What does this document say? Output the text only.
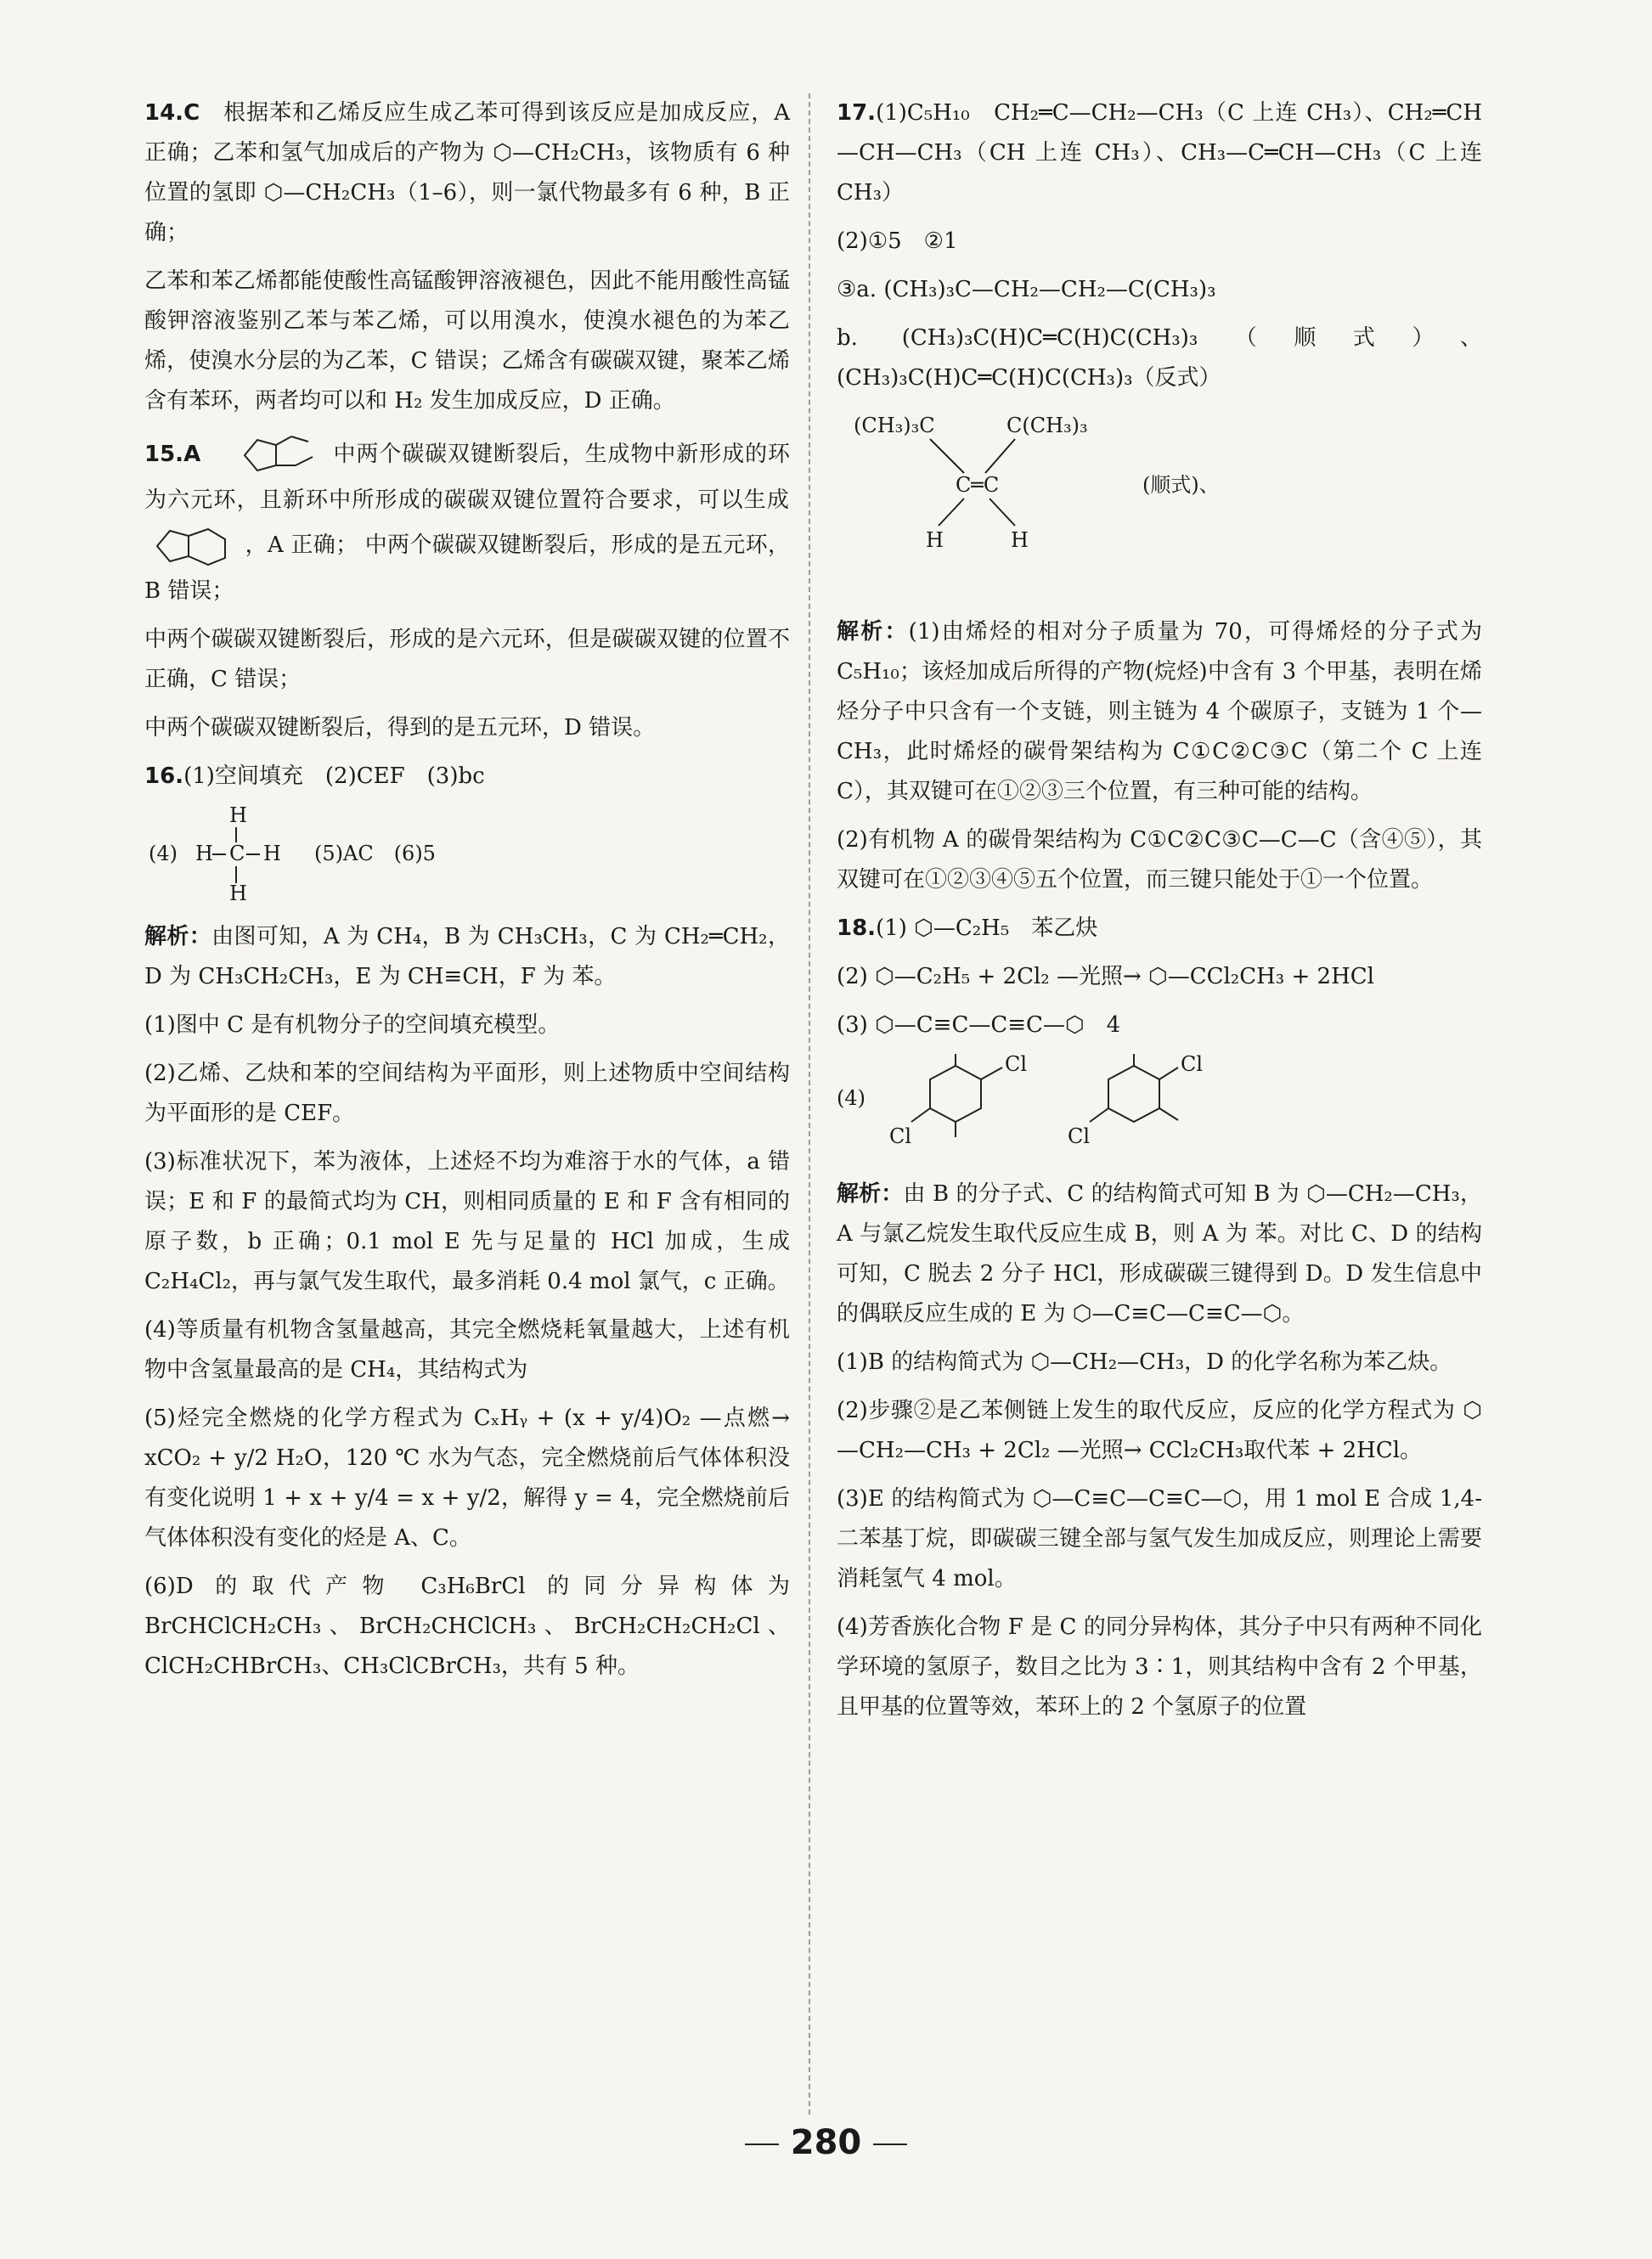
14.C　 根据苯和乙烯反应生成乙苯可得到该反应是加成反应，A 正确；乙苯和氢气加成后的产物为 ⬡—CH₂CH₃，该物质有 6 种位置的氢即 ⬡—CH₂CH₃（1–6），则一氯代物最多有 6 种，B 正确；

乙苯和苯乙烯都能使酸性高锰酸钾溶液褪色，因此不能用酸性高锰酸钾溶液鉴别乙苯与苯乙烯，可以用溴水，使溴水褪色的为苯乙烯，使溴水分层的为乙苯，C 错误；乙烯含有碳碳双键，聚苯乙烯含有苯环，两者均可以和 H₂ 发生加成反应，D 正确。

15.A　	中两个碳碳双键断裂后，生成物中新形成的环为六元环，且新环中所形成的碳碳双键位置符合要求，可以生成  ，A 正确； 中两个碳碳双键断裂后，形成的是五元环，B 错误；

中两个碳碳双键断裂后，形成的是六元环，但是碳碳双键的位置不正确，C 错误；

中两个碳碳双键断裂后，得到的是五元环，D 错误。

16.(1)空间填充　(2)CEF　(3)bc

(4)
H
H C H
H
(5)AC　(6)5

解析：由图可知，A 为 CH₄，B 为 CH₃CH₃，C 为 CH₂═CH₂，D 为 CH₃CH₂CH₃，E 为 CH≡CH，F 为 苯。

(1)图中 C 是有机物分子的空间填充模型。

(2)乙烯、乙炔和苯的空间结构为平面形，则上述物质中空间结构为平面形的是 CEF。

(3)标准状况下，苯为液体，上述烃不均为难溶于水的气体，a 错误；E 和 F 的最简式均为 CH，则相同质量的 E 和 F 含有相同的原子数，b 正确；0.1 mol E 先与足量的 HCl 加成，生成 C₂H₄Cl₂，再与氯气发生取代，最多消耗 0.4 mol 氯气，c 正确。

(4)等质量有机物含氢量越高，其完全燃烧耗氧量越大，上述有机物中含氢量最高的是 CH₄，其结构式为

(5)烃完全燃烧的化学方程式为 CₓHᵧ + (x + y/4)O₂ —点燃→ xCO₂ + y/2 H₂O，120 ℃ 水为气态，完全燃烧前后气体体积没有变化说明 1 + x + y/4 = x + y/2，解得 y = 4，完全燃烧前后气体体积没有变化的烃是 A、C。

(6)D 的取代产物 C₃H₆BrCl 的同分异构体为 BrCHClCH₂CH₃、BrCH₂CHClCH₃、BrCH₂CH₂CH₂Cl、ClCH₂CHBrCH₃、CH₃ClCBrCH₃，共有 5 种。

17.(1)C₅H₁₀　CH₂═C—CH₂—CH₃（C 上连 CH₃）、CH₂═CH—CH—CH₃（CH 上连 CH₃）、CH₃—C═CH—CH₃（C 上连 CH₃）

(2)①5　②1

③a. (CH₃)₃C—CH₂—CH₂—C(CH₃)₃

b. (CH₃)₃C(H)C═C(H)C(CH₃)₃（顺式）、(CH₃)₃C(H)C═C(H)C(CH₃)₃（反式）

(CH₃)₃C	C(CH₃)₃
C═C
H	H
(顺式)、

解析：(1)由烯烃的相对分子质量为 70，可得烯烃的分子式为 C₅H₁₀；该烃加成后所得的产物(烷烃)中含有 3 个甲基，表明在烯烃分子中只含有一个支链，则主链为 4 个碳原子，支链为 1 个—CH₃，此时烯烃的碳骨架结构为 C①C②C③C（第二个 C 上连 C），其双键可在①②③三个位置，有三种可能的结构。

(2)有机物 A 的碳骨架结构为 C①C②C③C—C—C（含④⑤），其双键可在①②③④⑤五个位置，而三键只能处于①一个位置。

18.(1) ⬡—C₂H₅　苯乙炔

(2) ⬡—C₂H₅ + 2Cl₂ —光照→ ⬡—CCl₂CH₃ + 2HCl

(3) ⬡—C≡C—C≡C—⬡　4

(4)
Cl
Cl
Cl
Cl

解析：由 B 的分子式、C 的结构简式可知 B 为 ⬡—CH₂—CH₃，A 与氯乙烷发生取代反应生成 B，则 A 为 苯。对比 C、D 的结构可知，C 脱去 2 分子 HCl，形成碳碳三键得到 D。D 发生信息中的偶联反应生成的 E 为 ⬡—C≡C—C≡C—⬡。

(1)B 的结构简式为 ⬡—CH₂—CH₃，D 的化学名称为苯乙炔。

(2)步骤②是乙苯侧链上发生的取代反应，反应的化学方程式为 ⬡—CH₂—CH₃ + 2Cl₂ —光照→ CCl₂CH₃取代苯 + 2HCl。

(3)E 的结构简式为 ⬡—C≡C—C≡C—⬡，用 1 mol E 合成 1,4-二苯基丁烷，即碳碳三键全部与氢气发生加成反应，则理论上需要消耗氢气 4 mol。

(4)芳香族化合物 F 是 C 的同分异构体，其分子中只有两种不同化学环境的氢原子，数目之比为 3∶1，则其结构中含有 2 个甲基，且甲基的位置等效，苯环上的 2 个氢原子的位置

280
